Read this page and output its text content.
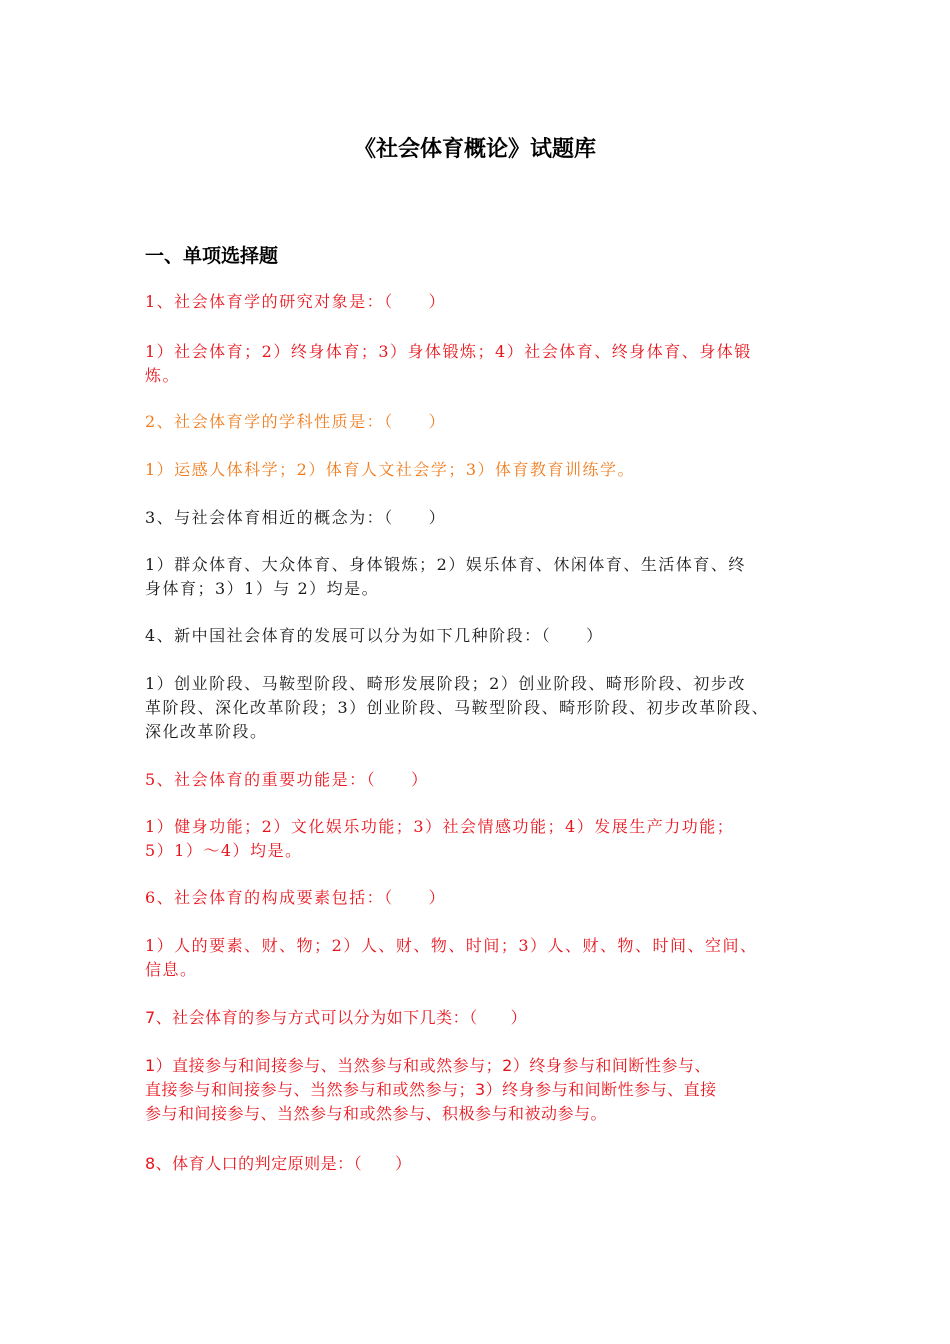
《社会体育概论》试题库
一、单项选择题
1、社会体育学的研究对象是：（　　）
1）社会体育；2）终身体育；3）身体锻炼；4）社会体育、终身体育、身体锻
炼。
2、社会体育学的学科性质是：（　　）
1）运感人体科学；2）体育人文社会学；3）体育教育训练学。
3、与社会体育相近的概念为：（　　）
1）群众体育、大众体育、身体锻炼；2）娱乐体育、休闲体育、生活体育、终
身体育；3）1）与 2）均是。
4、新中国社会体育的发展可以分为如下几种阶段：（　　）
1）创业阶段、马鞍型阶段、畸形发展阶段；2）创业阶段、畸形阶段、初步改
革阶段、深化改革阶段；3）创业阶段、马鞍型阶段、畸形阶段、初步改革阶段、
深化改革阶段。
5、社会体育的重要功能是：（　　）
1）健身功能；2）文化娱乐功能；3）社会情感功能；4）发展生产力功能；
5）1）～4）均是。
6、社会体育的构成要素包括：（　　）
1）人的要素、财、物；2）人、财、物、时间；3）人、财、物、时间、空间、
信息。
7、社会体育的参与方式可以分为如下几类：（　　）
1）直接参与和间接参与、当然参与和或然参与；2）终身参与和间断性参与、
直接参与和间接参与、当然参与和或然参与；3）终身参与和间断性参与、直接
参与和间接参与、当然参与和或然参与、积极参与和被动参与。
8、体育人口的判定原则是：（　　）
